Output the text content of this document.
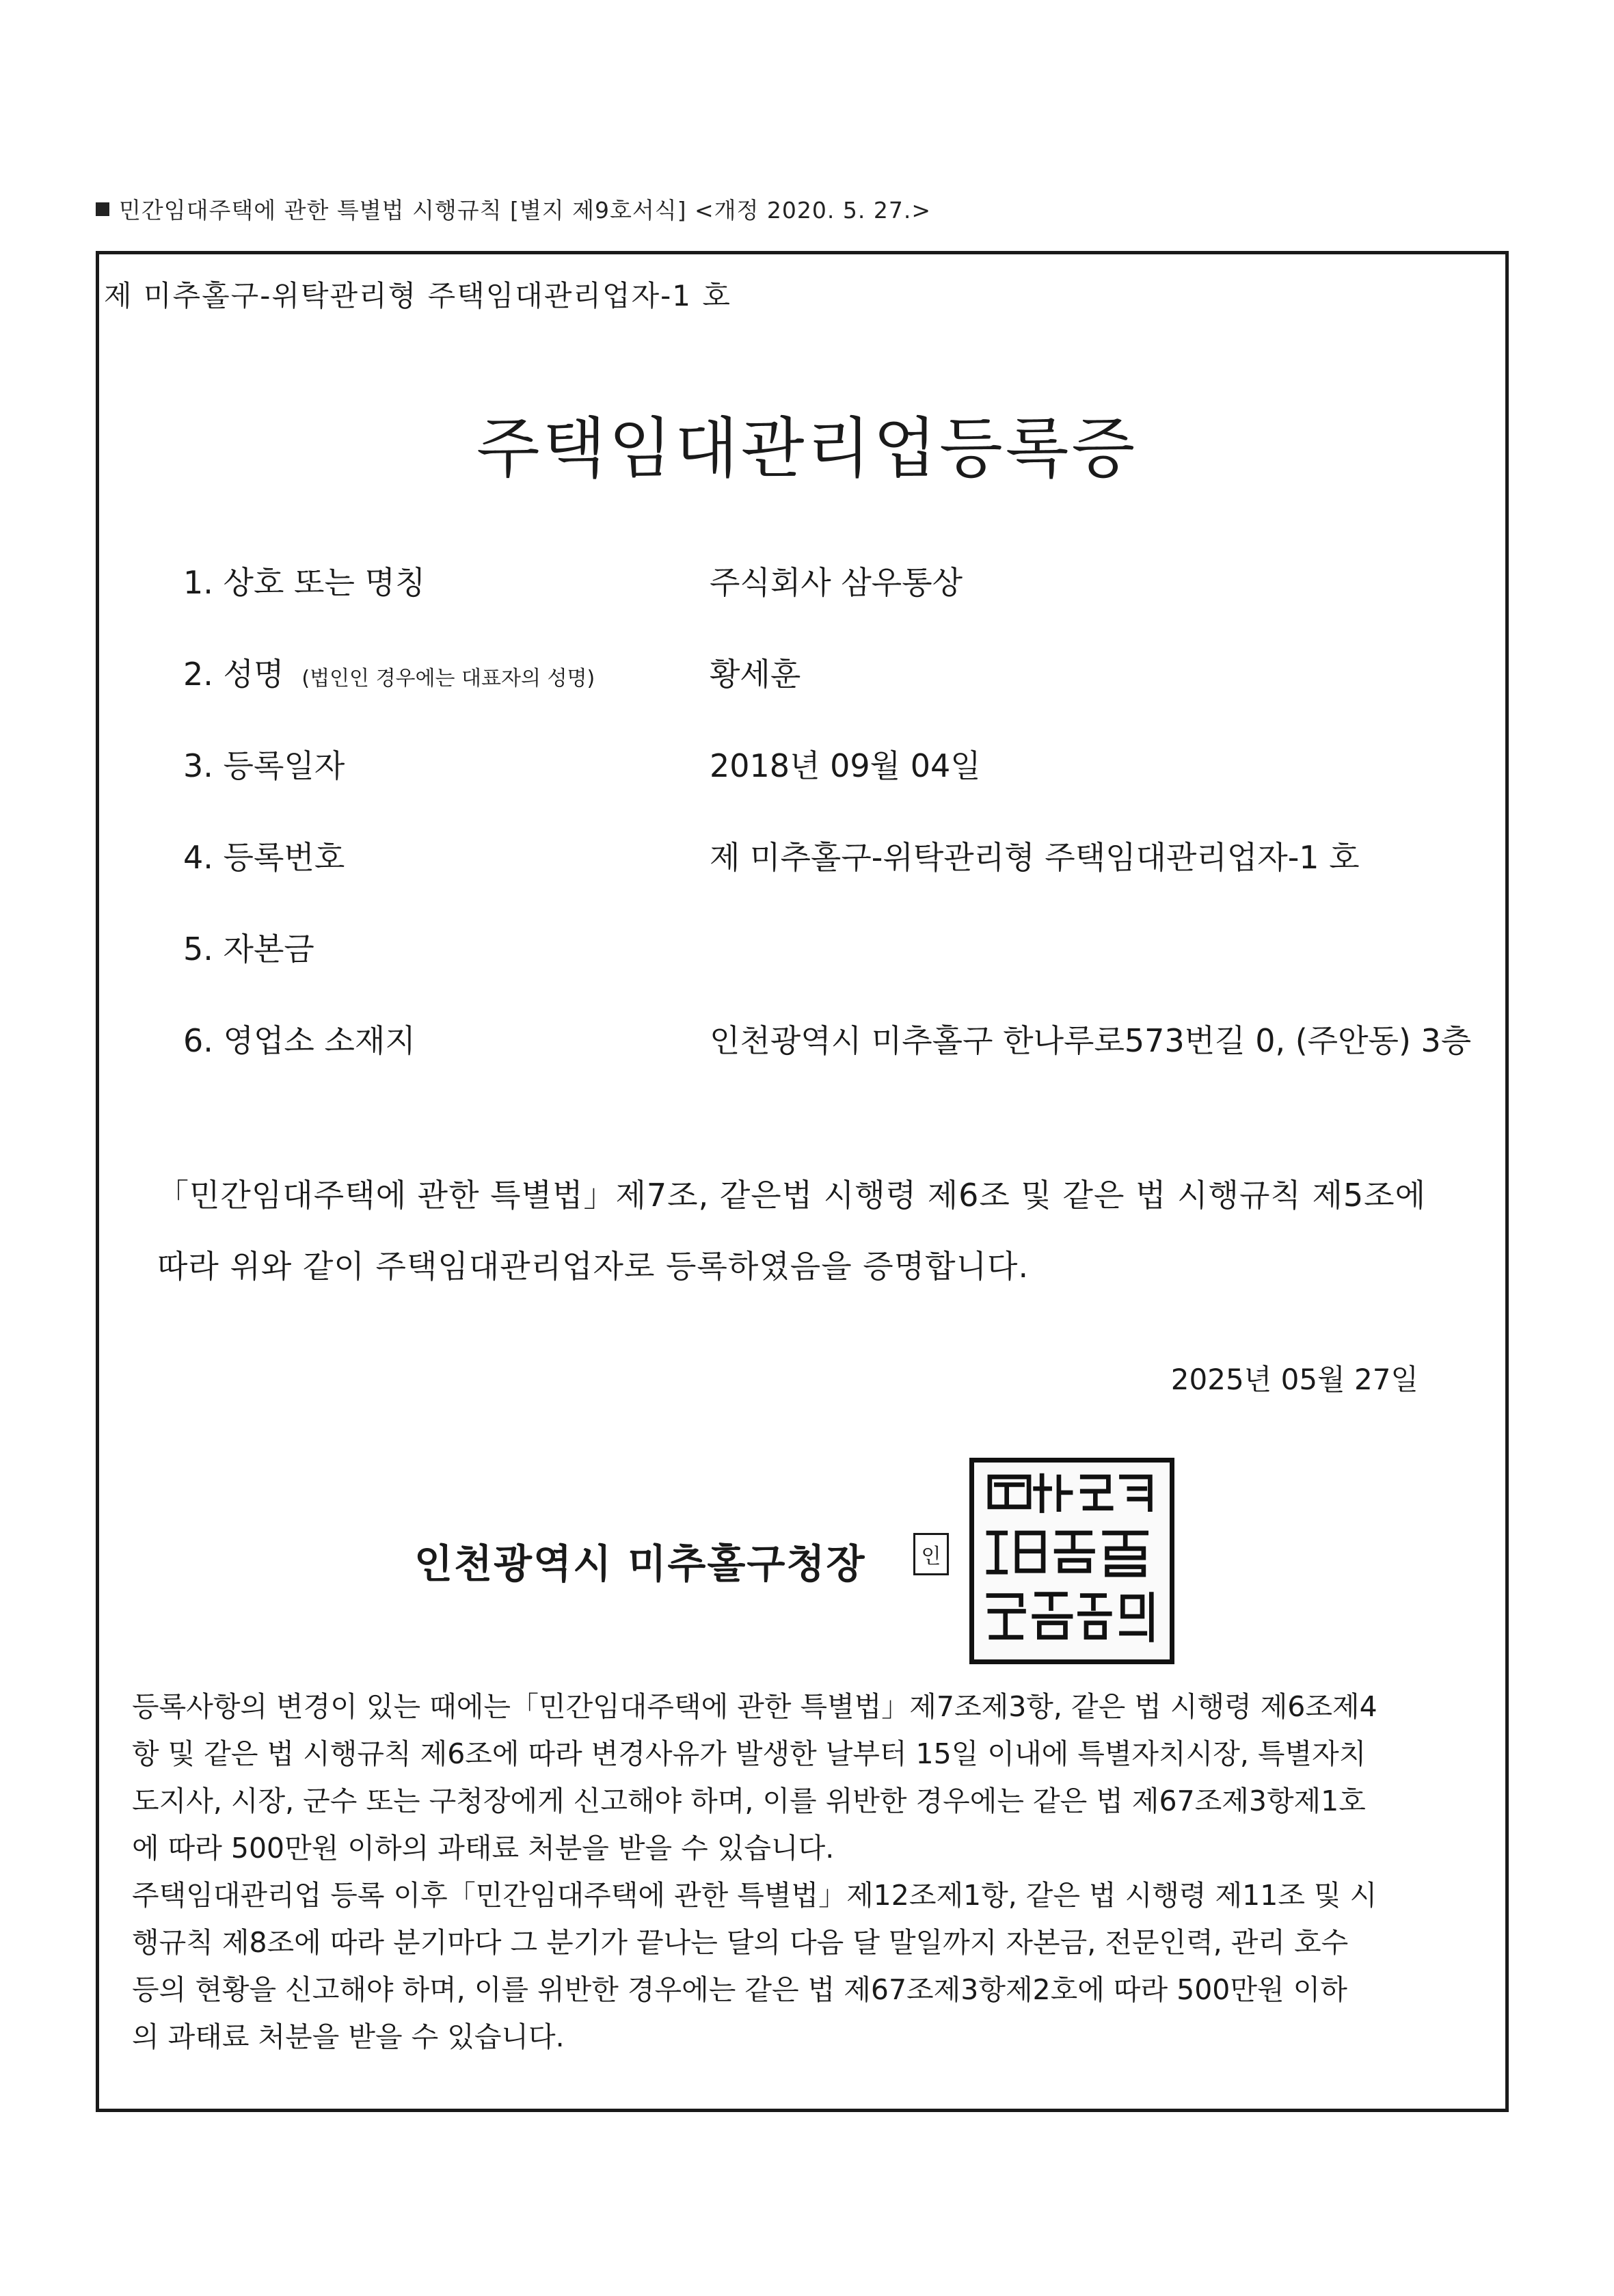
민간임대주택에 관한 특별법 시행규칙 [별지 제9호서식] <개정 2020. 5. 27.>
제 미추홀구-위탁관리형 주택임대관리업자-1 호
주택임대관리업등록증
1. 상호 또는 명칭	주식회사 삼우통상
2. 성명 (법인인 경우에는 대표자의 성명)	황세훈
3. 등록일자	2018년 09월 04일
4. 등록번호	제 미추홀구-위탁관리형 주택임대관리업자-1 호
5. 자본금
6. 영업소 소재지	인천광역시 미추홀구 한나루로573번길 0, (주안동) 3층
「민간임대주택에 관한 특별법」제7조, 같은법 시행령 제6조 및 같은 법 시행규칙 제5조에
따라 위와 같이 주택임대관리업자로 등록하였음을 증명합니다.
2025년 05월 27일
인천광역시 미추홀구청장	인
등록사항의 변경이 있는 때에는「민간임대주택에 관한 특별법」제7조제3항, 같은 법 시행령 제6조제4
항 및 같은 법 시행규칙 제6조에 따라 변경사유가 발생한 날부터 15일 이내에 특별자치시장, 특별자치
도지사, 시장, 군수 또는 구청장에게 신고해야 하며, 이를 위반한 경우에는 같은 법 제67조제3항제1호
에 따라 500만원 이하의 과태료 처분을 받을 수 있습니다.
주택임대관리업 등록 이후「민간임대주택에 관한 특별법」제12조제1항, 같은 법 시행령 제11조 및 시
행규칙 제8조에 따라 분기마다 그 분기가 끝나는 달의 다음 달 말일까지 자본금, 전문인력, 관리 호수
등의 현황을 신고해야 하며, 이를 위반한 경우에는 같은 법 제67조제3항제2호에 따라 500만원 이하
의 과태료 처분을 받을 수 있습니다.
